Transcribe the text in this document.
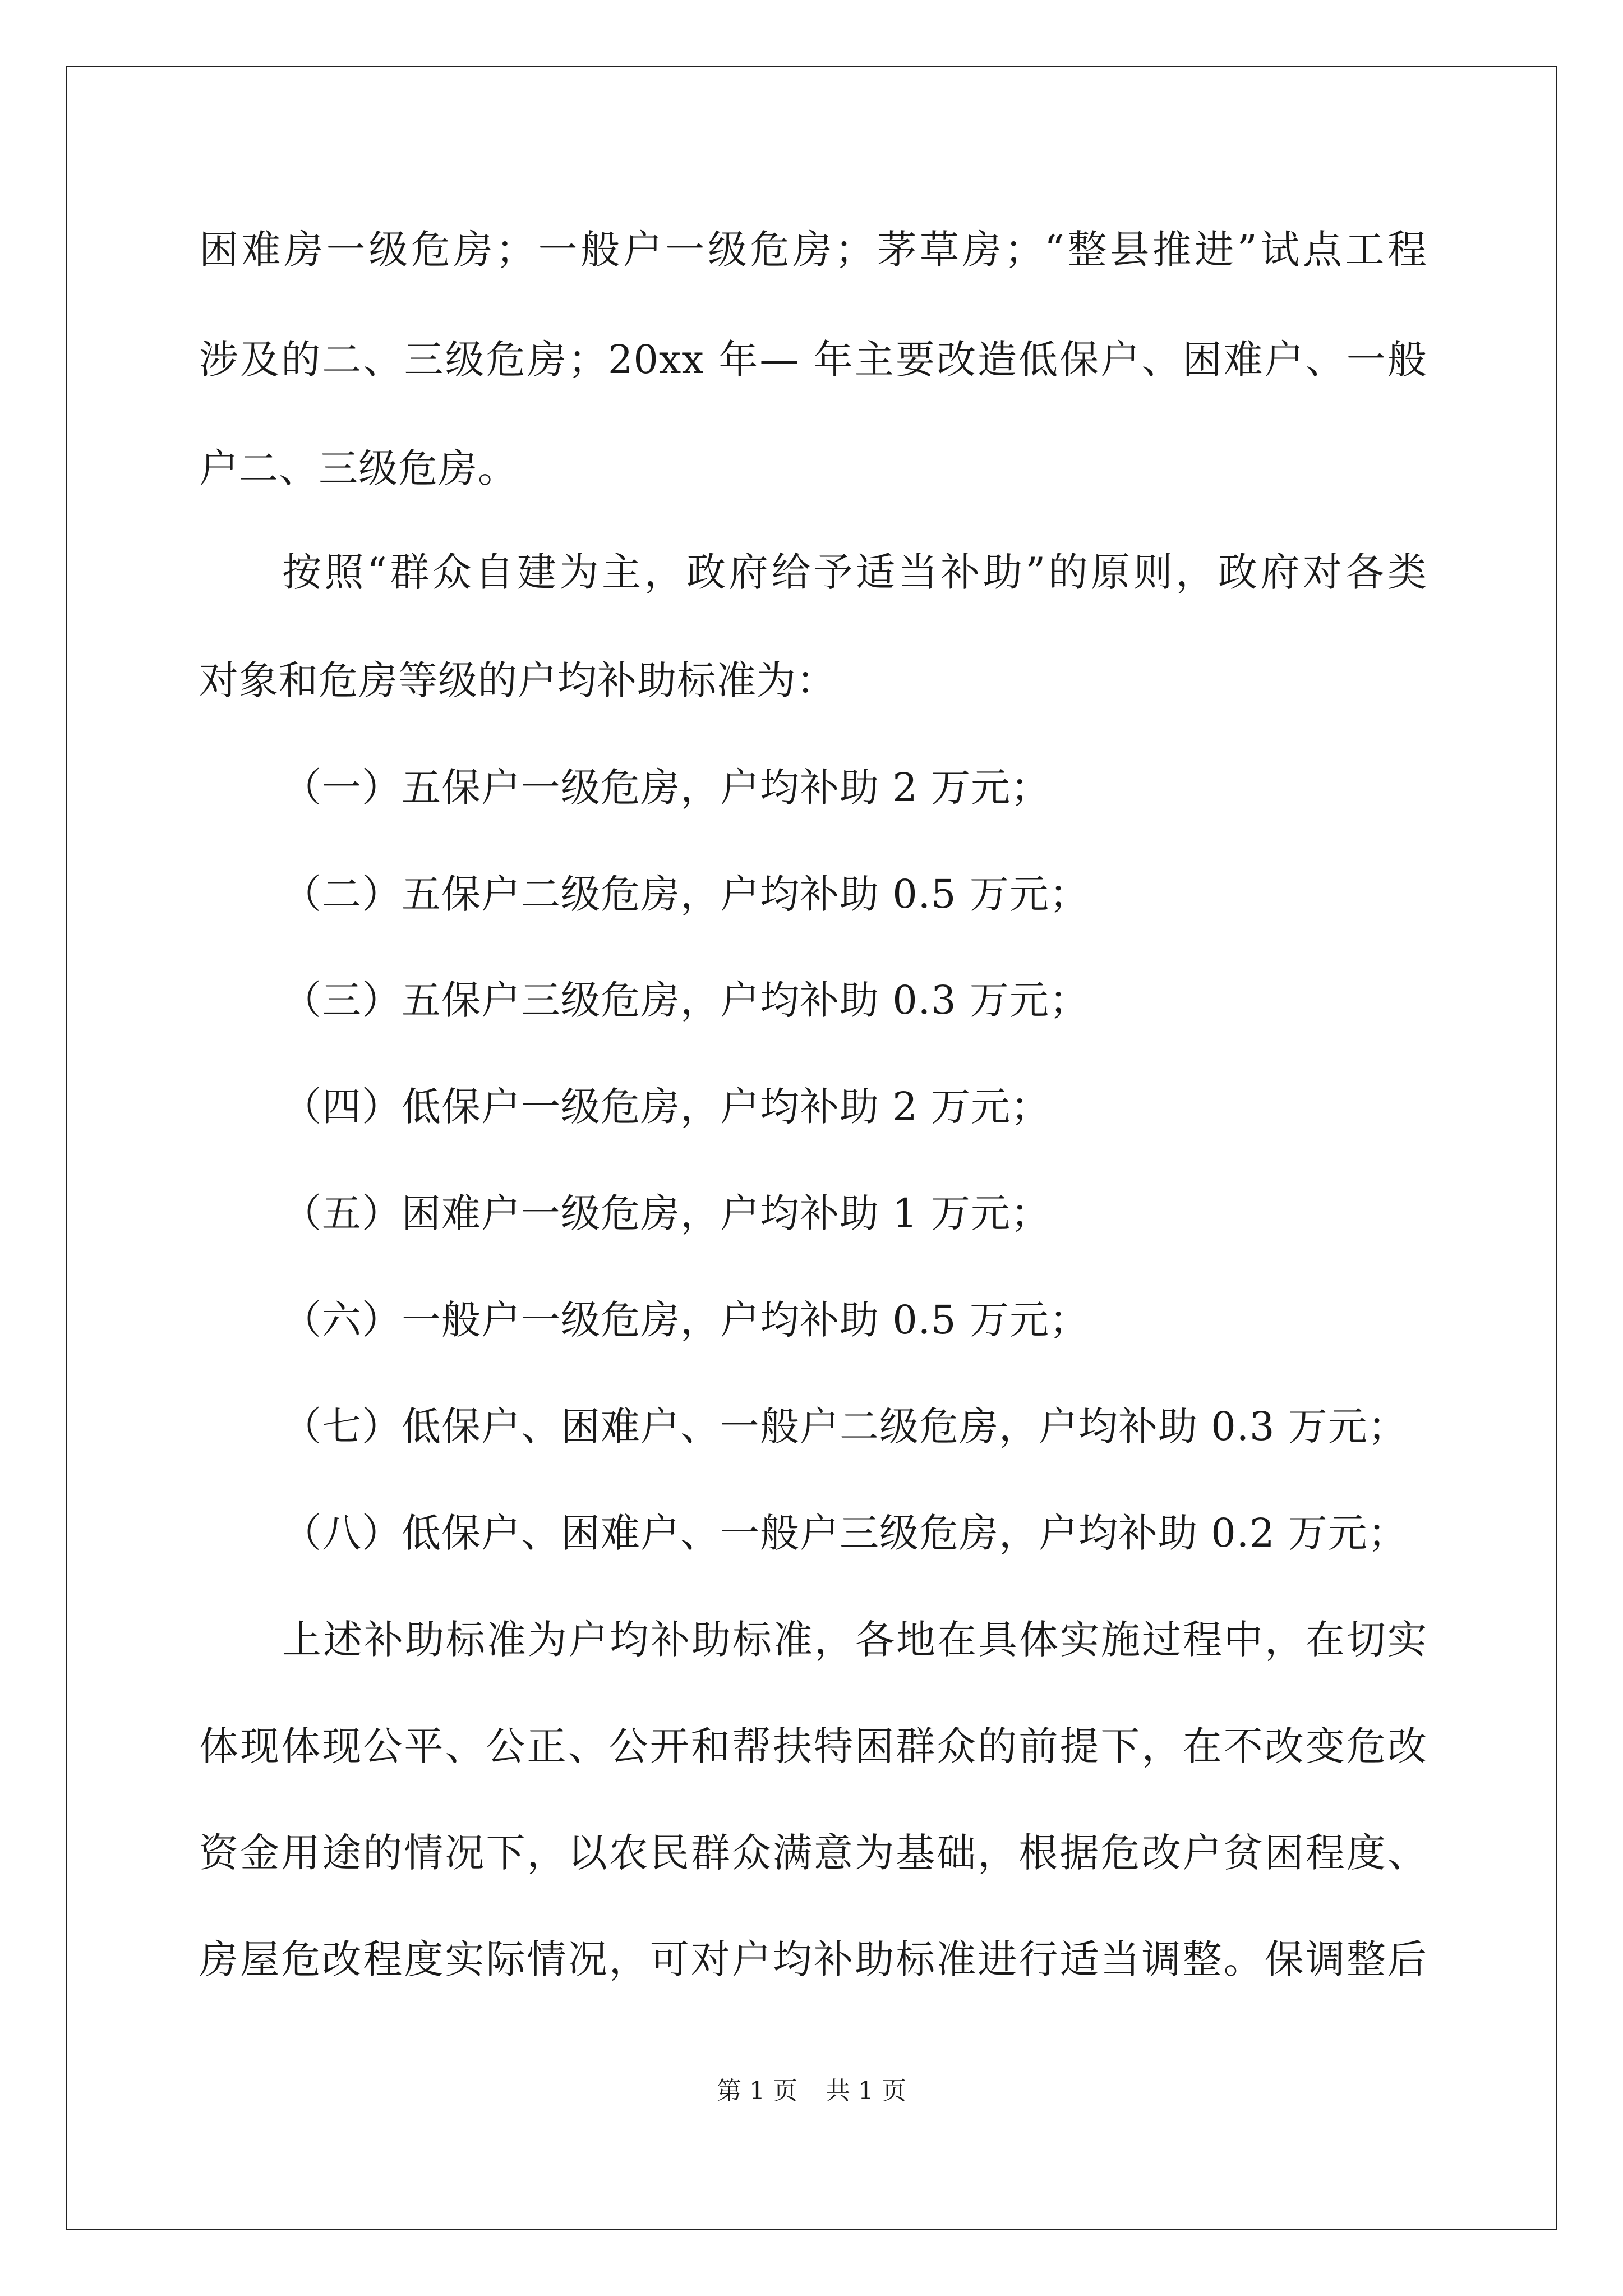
困难房一级危房；一般户一级危房；茅草房；“整县推进”试点工程
涉及的二、三级危房；20xx 年— 年主要改造低保户、困难户、一般
户二、三级危房。
按照“群众自建为主，政府给予适当补助”的原则，政府对各类
对象和危房等级的户均补助标准为：
（一）五保户一级危房，户均补助 2 万元；
（二）五保户二级危房，户均补助 0.5 万元；
（三）五保户三级危房，户均补助 0.3 万元；
（四）低保户一级危房，户均补助 2 万元；
（五）困难户一级危房，户均补助 1 万元；
（六）一般户一级危房，户均补助 0.5 万元；
（七）低保户、困难户、一般户二级危房，户均补助 0.3 万元；
（八）低保户、困难户、一般户三级危房，户均补助 0.2 万元；
上述补助标准为户均补助标准，各地在具体实施过程中，在切实
体现体现公平、公正、公开和帮扶特困群众的前提下，在不改变危改
资金用途的情况下，以农民群众满意为基础，根据危改户贫困程度、
房屋危改程度实际情况，可对户均补助标准进行适当调整。保调整后
第 1 页 共 1 页
